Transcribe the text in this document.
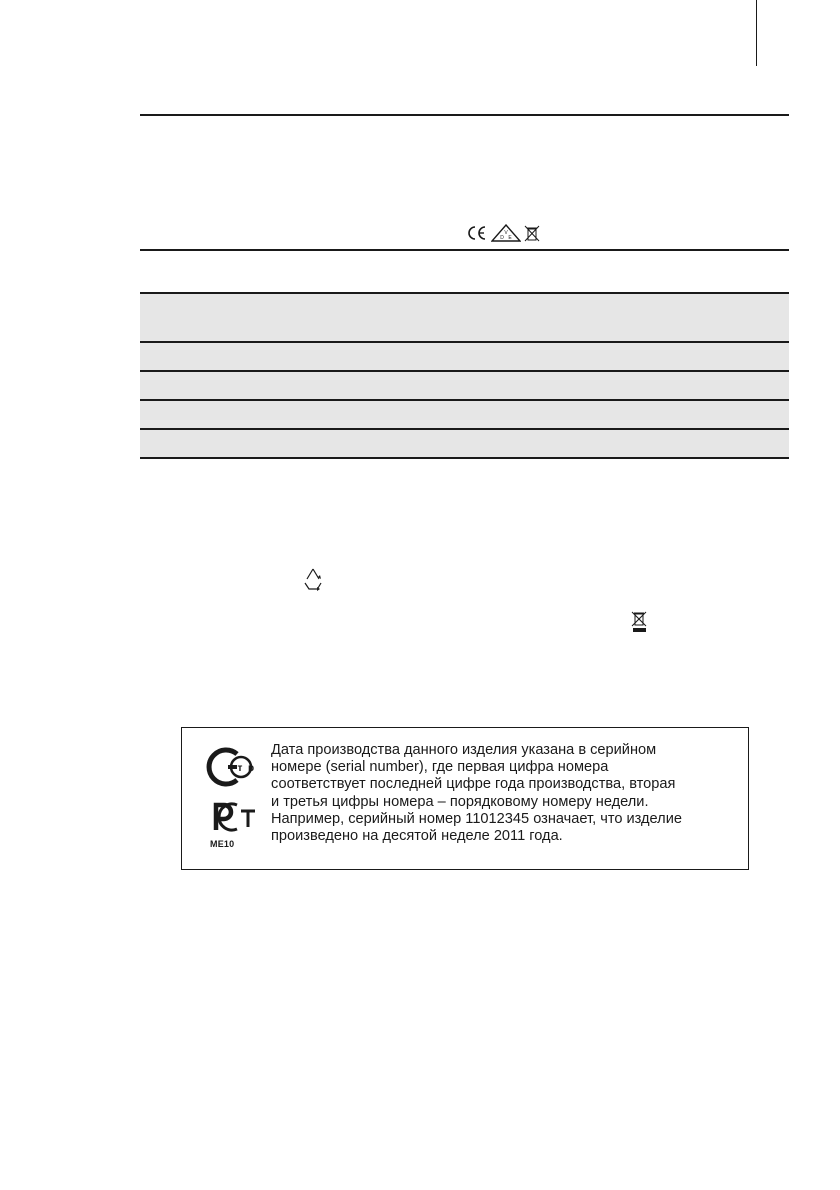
V
D E
т р
ME10
Дата производства данного изделия указана в серийном
номере (serial number), где первая цифра номера
соответствует последней цифре года производства, вторая
и третья цифры номера – порядковому номеру недели.
Например, серийный номер 11012345 означает, что изделие
произведено на десятой неделе 2011 года.
